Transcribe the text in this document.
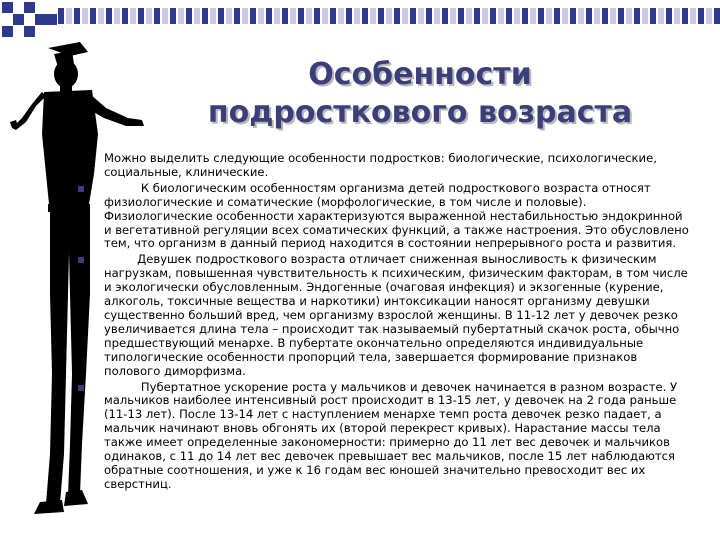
Особенности
подросткового возраста
Можно выделить следующие особенности подростков: биологические, психологические, социальные, клинические.
К биологическим особенностям организма детей подросткового возраста относят физиологические и соматические (морфологические, в том числе и половые). Физиологические особенности характеризуются выраженной нестабильностью эндокринной и вегетативной регуляции всех соматических функций, а также настроения. Это обусловлено тем, что организм в данный период находится в состоянии непрерывного роста и развития.
Девушек подросткового возраста отличает сниженная выносливость к физическим нагрузкам, повышенная чувствительность к психическим, физическим факторам, в том числе и экологически обусловленным. Эндогенные (очаговая инфекция) и экзогенные (курение, алкоголь, токсичные вещества и наркотики) интоксикации наносят организму девушки существенно больший вред, чем организму взрослой женщины. В 11-12 лет у девочек резко увеличивается длина тела – происходит так называемый пубертатный скачок роста, обычно предшествующий менархе. В пубертате окончательно определяются индивидуальные типологические особенности пропорций тела, завершается формирование признаков полового диморфизма.
Пубертатное ускорение роста у мальчиков и девочек начинается в разном возрасте. У мальчиков наиболее интенсивный рост происходит в 13-15 лет, у девочек на 2 года раньше (11-13 лет). После 13-14 лет с наступлением менархе темп роста девочек резко падает, а мальчик начинают вновь обгонять их (второй перекрест кривых). Нарастание массы тела также имеет определенные закономерности: примерно до 11 лет вес девочек и мальчиков одинаков, с 11 до 14 лет вес девочек превышает вес мальчиков, после 15 лет наблюдаются обратные соотношения, и уже к 16 годам вес юношей значительно превосходит вес их сверстниц.
